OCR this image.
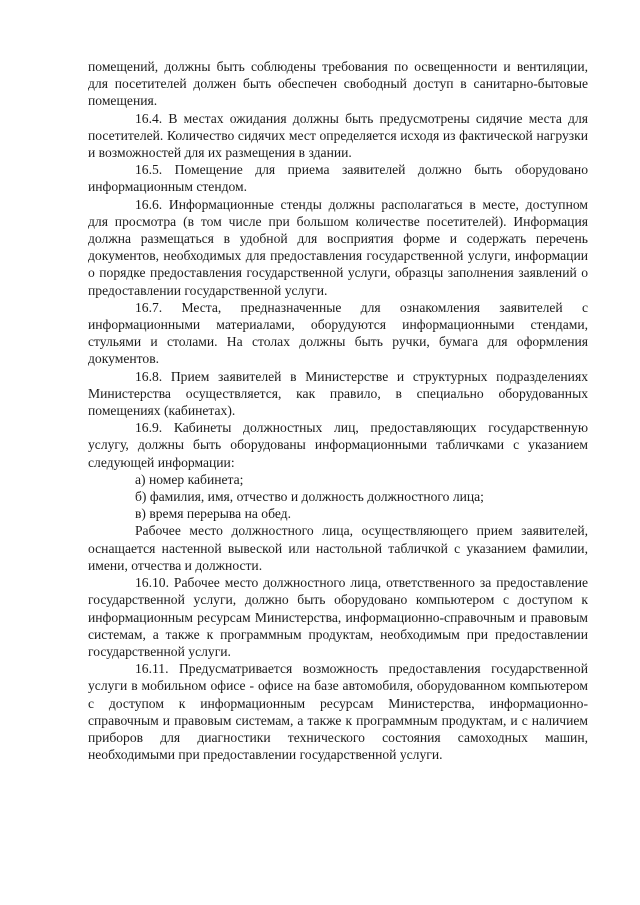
помещений, должны быть соблюдены требования по освещенности и вентиляции, для посетителей должен быть обеспечен свободный доступ в санитарно-бытовые помещения.

16.4. В местах ожидания должны быть предусмотрены сидячие места для посетителей. Количество сидячих мест определяется исходя из фактической нагрузки и возможностей для их размещения в здании.

16.5. Помещение для приема заявителей должно быть оборудовано информационным стендом.

16.6. Информационные стенды должны располагаться в месте, доступном для просмотра (в том числе при большом количестве посетителей). Информация должна размещаться в удобной для восприятия форме и содержать перечень документов, необходимых для предоставления государственной услуги, информации о порядке предоставления государственной услуги, образцы заполнения заявлений о предоставлении государственной услуги.

16.7. Места, предназначенные для ознакомления заявителей с информационными материалами, оборудуются информационными стендами, стульями и столами. На столах должны быть ручки, бумага для оформления документов.

16.8. Прием заявителей в Министерстве и структурных подразделениях Министерства осуществляется, как правило, в специально оборудованных помещениях (кабинетах).

16.9. Кабинеты должностных лиц, предоставляющих государственную услугу, должны быть оборудованы информационными табличками с указанием следующей информации:

а) номер кабинета;

б) фамилия, имя, отчество и должность должностного лица;

в) время перерыва на обед.

Рабочее место должностного лица, осуществляющего прием заявителей, оснащается настенной вывеской или настольной табличкой с указанием фамилии, имени, отчества и должности.

16.10. Рабочее место должностного лица, ответственного за предоставление государственной услуги, должно быть оборудовано компьютером с доступом к информационным ресурсам Министерства, информационно-справочным и правовым системам, а также к программным продуктам, необходимым при предоставлении государственной услуги.

16.11. Предусматривается возможность предоставления государственной услуги в мобильном офисе - офисе на базе автомобиля, оборудованном компьютером с доступом к информационным ресурсам Министерства, информационно-справочным и правовым системам, а также к программным продуктам, и с наличием приборов для диагностики технического состояния самоходных машин, необходимыми при предоставлении государственной услуги.
